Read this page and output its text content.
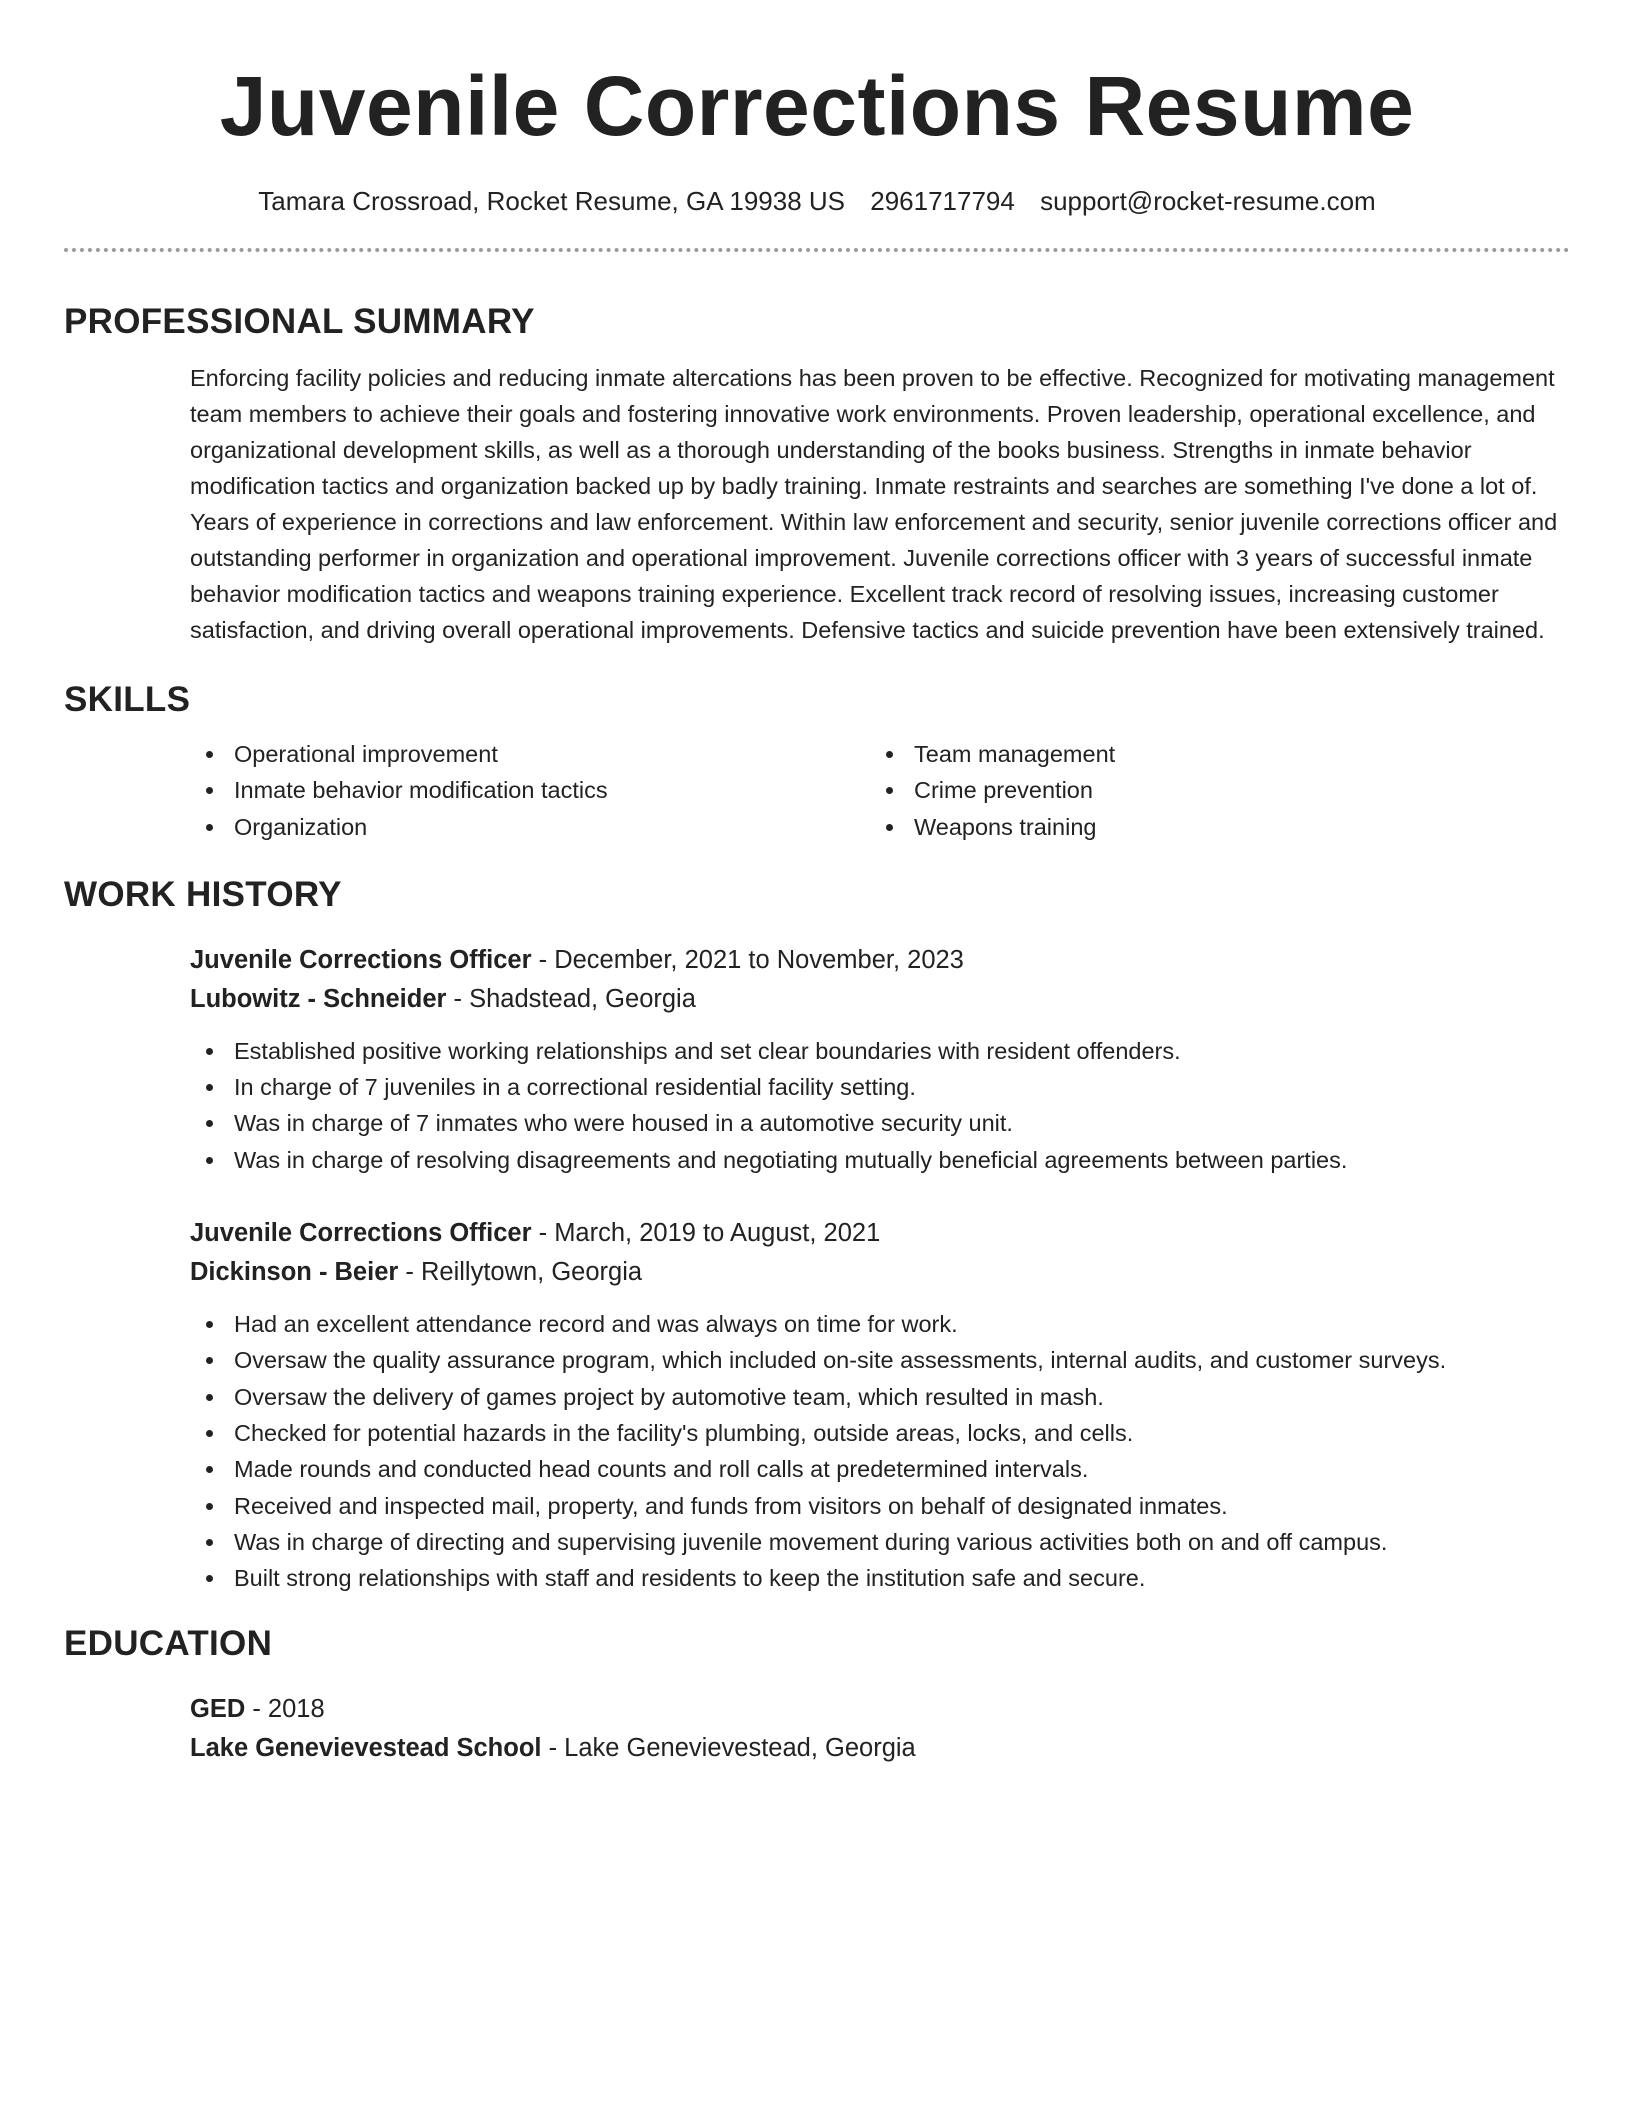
Juvenile Corrections Resume
Tamara Crossroad, Rocket Resume, GA 19938 US 2961717794 support@rocket-resume.com
PROFESSIONAL SUMMARY

Enforcing facility policies and reducing inmate altercations has been proven to be effective. Recognized for motivating management team members to achieve their goals and fostering innovative work environments. Proven leadership, operational excellence, and organizational development skills, as well as a thorough understanding of the books business. Strengths in inmate behavior modification tactics and organization backed up by badly training. Inmate restraints and searches are something I've done a lot of. Years of experience in corrections and law enforcement. Within law enforcement and security, senior juvenile corrections officer and outstanding performer in organization and operational improvement. Juvenile corrections officer with 3 years of successful inmate behavior modification tactics and weapons training experience. Excellent track record of resolving issues, increasing customer satisfaction, and driving overall operational improvements. Defensive tactics and suicide prevention have been extensively trained.

SKILLS
Operational improvement
Inmate behavior modification tactics
Organization
Team management
Crime prevention
Weapons training
WORK HISTORY
Juvenile Corrections Officer - December, 2021 to November, 2023
Lubowitz - Schneider - Shadstead, Georgia
Established positive working relationships and set clear boundaries with resident offenders.
In charge of 7 juveniles in a correctional residential facility setting.
Was in charge of 7 inmates who were housed in a automotive security unit.
Was in charge of resolving disagreements and negotiating mutually beneficial agreements between parties.
Juvenile Corrections Officer - March, 2019 to August, 2021
Dickinson - Beier - Reillytown, Georgia
Had an excellent attendance record and was always on time for work.
Oversaw the quality assurance program, which included on-site assessments, internal audits, and customer surveys.
Oversaw the delivery of games project by automotive team, which resulted in mash.
Checked for potential hazards in the facility's plumbing, outside areas, locks, and cells.
Made rounds and conducted head counts and roll calls at predetermined intervals.
Received and inspected mail, property, and funds from visitors on behalf of designated inmates.
Was in charge of directing and supervising juvenile movement during various activities both on and off campus.
Built strong relationships with staff and residents to keep the institution safe and secure.
EDUCATION
GED - 2018
Lake Genevievestead School - Lake Genevievestead, Georgia
